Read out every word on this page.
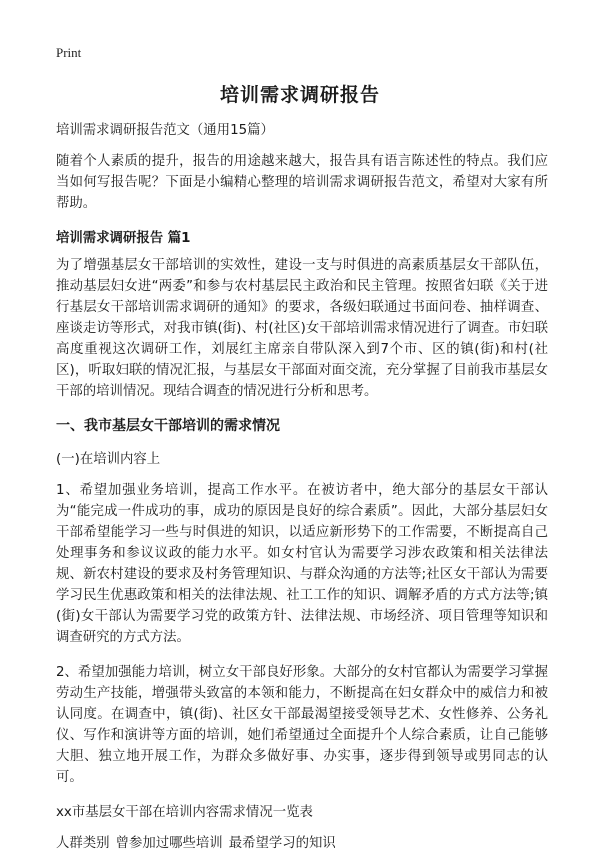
Print
培训需求调研报告

培训需求调研报告范文（通用15篇）

随着个人素质的提升，报告的用途越来越大，报告具有语言陈述性的特点。我们应当如何写报告呢？下面是小编精心整理的培训需求调研报告范文，希望对大家有所帮助。

培训需求调研报告 篇1

为了增强基层女干部培训的实效性，建设一支与时俱进的高素质基层女干部队伍，推动基层妇女进“两委”和参与农村基层民主政治和民主管理。按照省妇联《关于进行基层女干部培训需求调研的通知》的要求，各级妇联通过书面问卷、抽样调查、座谈走访等形式，对我市镇(街)、村(社区)女干部培训需求情况进行了调查。市妇联高度重视这次调研工作，刘展红主席亲自带队深入到7个市、区的镇(街)和村(社区)，听取妇联的情况汇报，与基层女干部面对面交流，充分掌握了目前我市基层女干部的培训情况。现结合调查的情况进行分析和思考。

一、我市基层女干部培训的需求情况

(一)在培训内容上

1、希望加强业务培训，提高工作水平。在被访者中，绝大部分的基层女干部认为“能完成一件成功的事，成功的原因是良好的综合素质”。因此，大部分基层妇女干部希望能学习一些与时俱进的知识，以适应新形势下的工作需要，不断提高自己处理事务和参议议政的能力水平。如女村官认为需要学习涉农政策和相关法律法规、新农村建设的要求及村务管理知识、与群众沟通的方法等;社区女干部认为需要学习民生优惠政策和相关的法律法规、社工工作的知识、调解矛盾的方式方法等;镇(街)女干部认为需要学习党的政策方针、法律法规、市场经济、项目管理等知识和调查研究的方式方法。

2、希望加强能力培训，树立女干部良好形象。大部分的女村官都认为需要学习掌握劳动生产技能，增强带头致富的本领和能力，不断提高在妇女群众中的威信力和被认同度。在调查中，镇(街)、社区女干部最渴望接受领导艺术、女性修养、公务礼仪、写作和演讲等方面的培训，她们希望通过全面提升个人综合素质，让自己能够大胆、独立地开展工作，为群众多做好事、办实事，逐步得到领导或男同志的认可。

xx市基层女干部在培训内容需求情况一览表

人群类别 曾参加过哪些培训 最希望学习的知识
